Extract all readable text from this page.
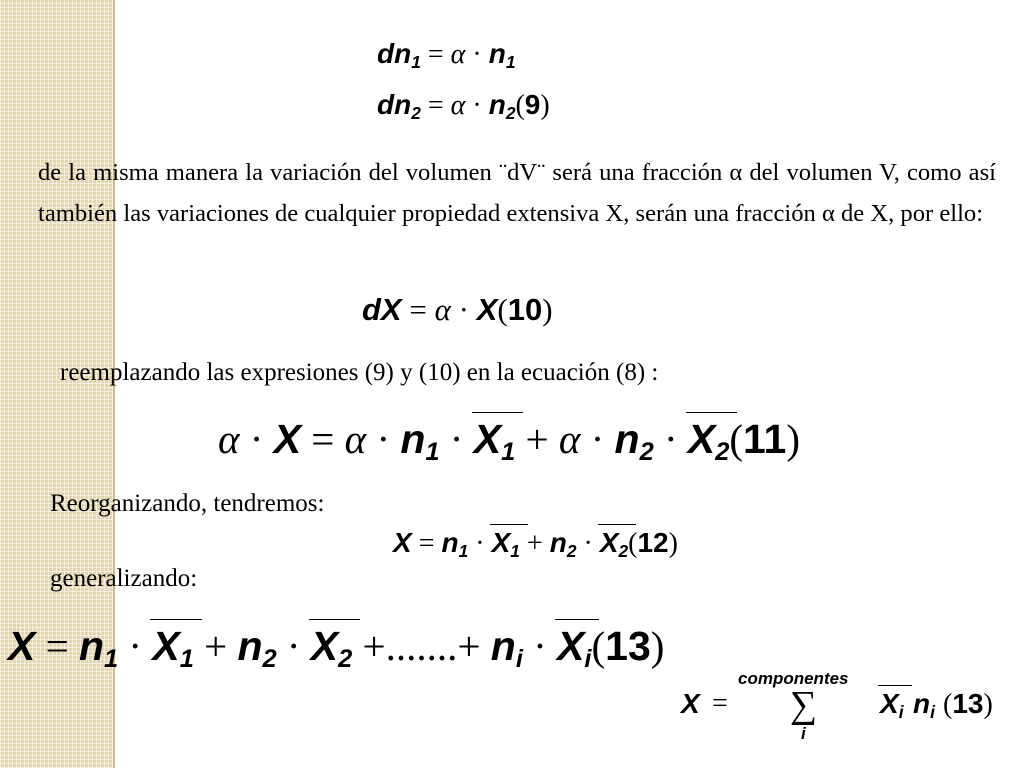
$dn_1 = \alpha \cdot n_1$
$dn_2 = \alpha \cdot n_2(9)$
de la misma manera la variación del volumen ¨dV¨ será una fracción α del volumen V, como así también las variaciones de cualquier propiedad extensiva X, serán una fracción α de X, por ello:
dX = α · X(10)
reemplazando las expresiones (9) y (10) en la ecuación (8) :
$\alpha \cdot X = \alpha \cdot n_1 \cdot X_1 + \alpha \cdot n_2 \cdot X_2(11)$
Reorganizando, tendremos:
$X = n_1 \cdot X_1 + n_2 \cdot X_2(12)$
generalizando:
$X = n_1 \cdot X_1 + n_2 \cdot X_2$ +.......+ $n_i \cdot X_i(13)$
X =
componentes
∑
i
$X_i$ $n_i$ (13)
